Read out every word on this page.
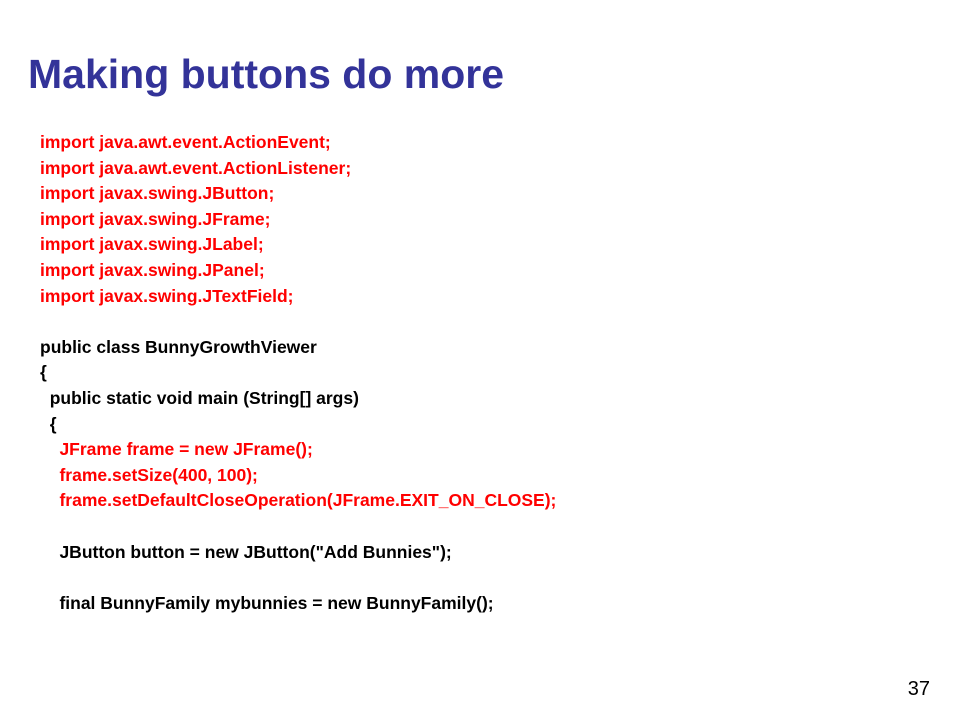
Making buttons do more
import java.awt.event.ActionEvent;
import java.awt.event.ActionListener;
import javax.swing.JButton;
import javax.swing.JFrame;
import javax.swing.JLabel;
import javax.swing.JPanel;
import javax.swing.JTextField;
public class BunnyGrowthViewer
{
public static void main (String[] args)
{
JFrame frame = new JFrame();
frame.setSize(400, 100);
frame.setDefaultCloseOperation(JFrame.EXIT_ON_CLOSE);
JButton button = new JButton("Add Bunnies");
final BunnyFamily mybunnies = new BunnyFamily();
37
